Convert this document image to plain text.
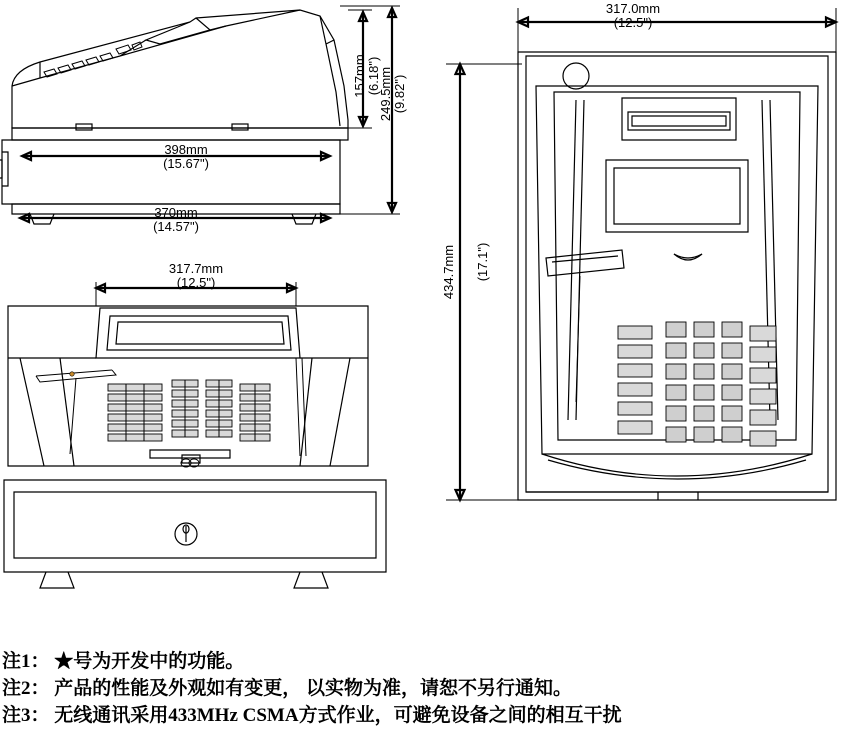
398mm
(15.67")
370mm
(14.57")
157mm (6.18")
249.5mm (9.82")
317.7mm
(12.5")
317.0mm
(12.5")
434.7mm (17.1")
注1： ★号为开发中的功能。
注2： 产品的性能及外观如有变更， 以实物为准，请恕不另行通知。
注3： 无线通讯采用433MHz CSMA方式作业，可避免设备之间的相互干扰
